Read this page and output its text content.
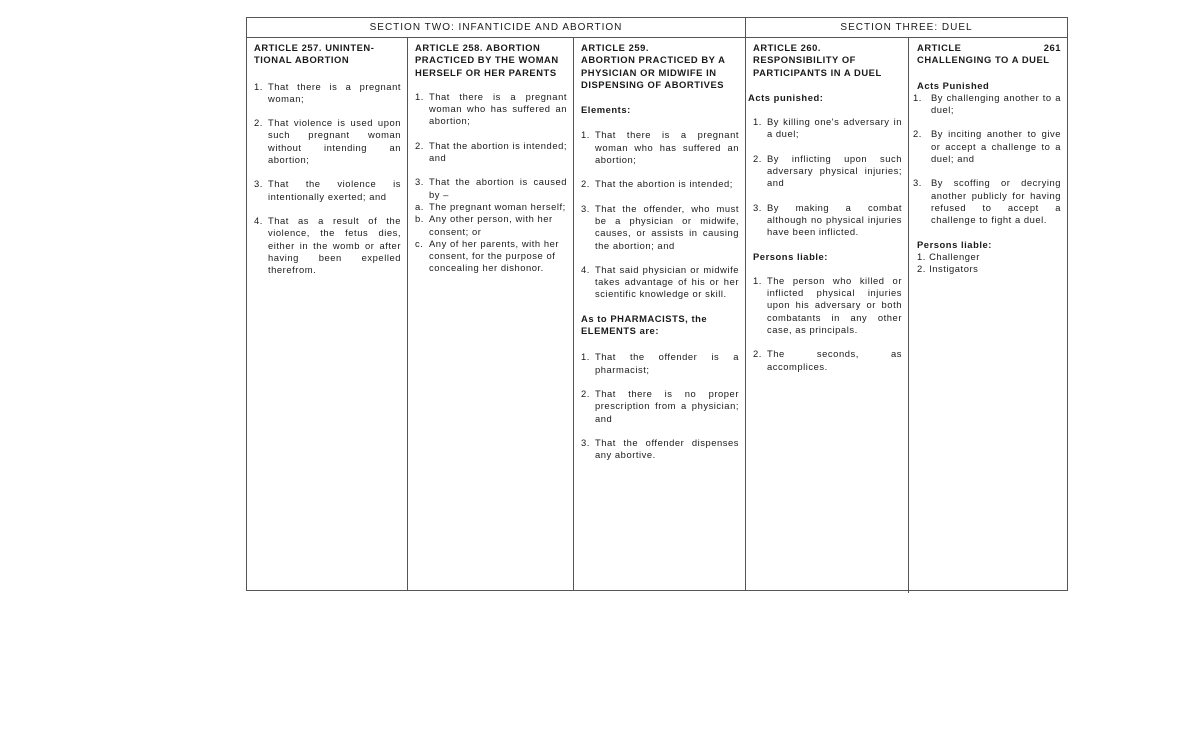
SECTION TWO: INFANTICIDE AND ABORTION	SECTION THREE: DUEL
ARTICLE 257. UNINTEN-
TIONAL ABORTION
1. That there is a pregnant woman;
2. That violence is used upon such pregnant woman without intending an abortion;
3. That the violence is intentionally exerted; and
4. That as a result of the violence, the fetus dies, either in the womb or after having been expelled therefrom.
ARTICLE 258. ABORTION
PRACTICED BY THE WOMAN
HERSELF OR HER PARENTS
1. That there is a pregnant woman who has suffered an abortion;
2. That the abortion is intended; and
3. That the abortion is caused by –
a. The pregnant woman herself;
b. Any other person, with her consent; or
c. Any of her parents, with her consent, for the purpose of concealing her dishonor.
ARTICLE 259.
ABORTION PRACTICED BY A
PHYSICIAN OR MIDWIFE IN
DISPENSING OF ABORTIVES
Elements:
1. That there is a pregnant woman who has suffered an abortion;
2. That the abortion is intended;
3. That the offender, who must be a physician or midwife, causes, or assists in causing the abortion; and
4. That said physician or midwife takes advantage of his or her scientific knowledge or skill.
As to PHARMACISTS, the
ELEMENTS are:
1. That the offender is a pharmacist;
2. That there is no proper prescription from a physician; and
3. That the offender dispenses any abortive.
ARTICLE 260.
RESPONSIBILITY OF
PARTICIPANTS IN A DUEL
Acts punished:
1. By killing one's adversary in a duel;
2. By inflicting upon such adversary physical injuries; and
3. By making a combat although no physical injuries have been inflicted.
Persons liable:
1. The person who killed or inflicted physical injuries upon his adversary or both combatants in any other case, as principals.
2. The seconds, as accomplices.
ARTICLE	261
CHALLENGING TO A DUEL
Acts Punished
1. By challenging another to a duel;
2. By inciting another to give or accept a challenge to a duel; and
3. By scoffing or decrying another publicly for having refused to accept a challenge to fight a duel.
Persons liable:
1. Challenger
2. Instigators
